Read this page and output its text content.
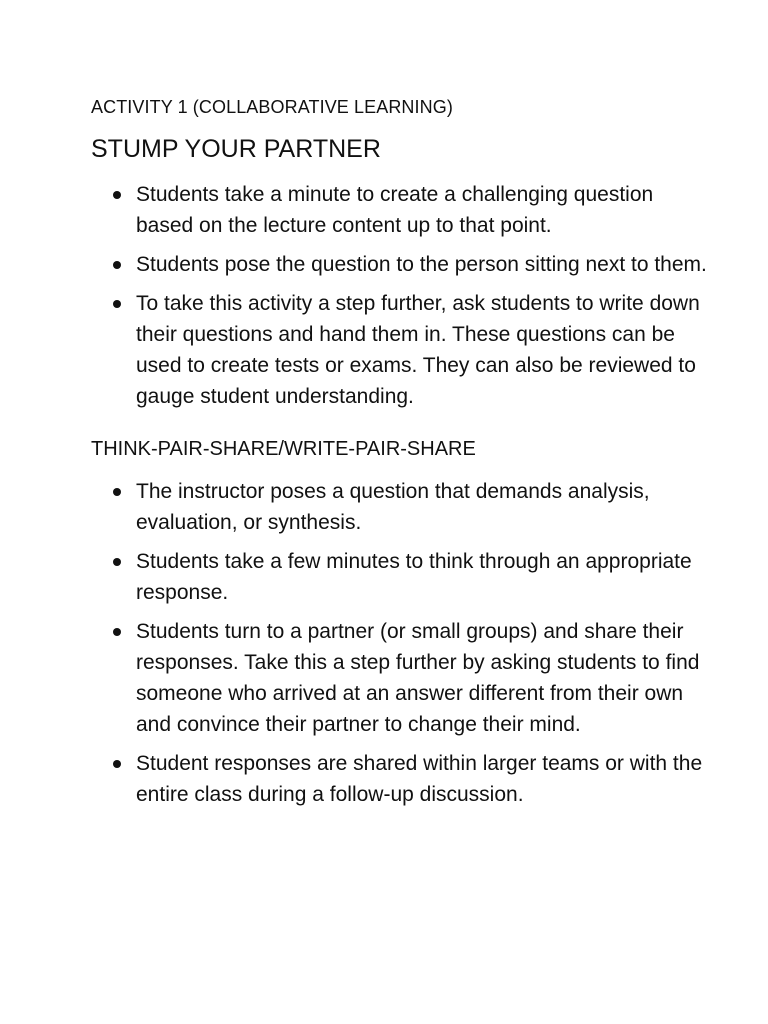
ACTIVITY 1 (COLLABORATIVE LEARNING)
STUMP YOUR PARTNER
Students take a minute to create a challenging question based on the lecture content up to that point.
Students pose the question to the person sitting next to them.
To take this activity a step further, ask students to write down their questions and hand them in. These questions can be used to create tests or exams. They can also be reviewed to gauge student understanding.
THINK-PAIR-SHARE/WRITE-PAIR-SHARE
The instructor poses a question that demands analysis, evaluation, or synthesis.
Students take a few minutes to think through an appropriate response.
Students turn to a partner (or small groups) and share their responses. Take this a step further by asking students to find someone who arrived at an answer different from their own and convince their partner to change their mind.
Student responses are shared within larger teams or with the entire class during a follow-up discussion.
